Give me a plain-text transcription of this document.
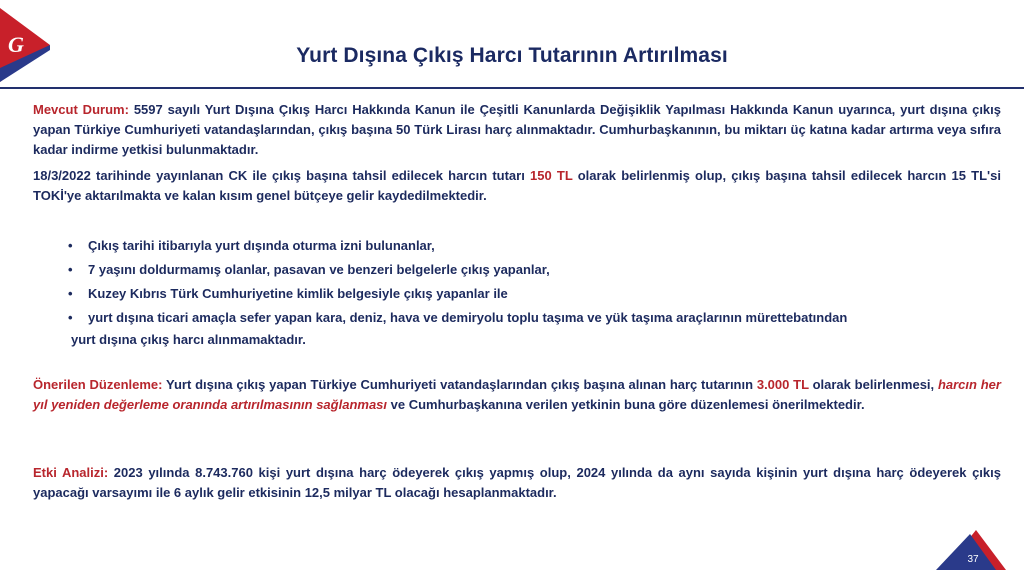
G	Yurt Dışına Çıkış Harcı Tutarının Artırılması
Mevcut Durum: 5597 sayılı Yurt Dışına Çıkış Harcı Hakkında Kanun ile Çeşitli Kanunlarda Değişiklik Yapılması Hakkında Kanun uyarınca, yurt dışına çıkış yapan Türkiye Cumhuriyeti vatandaşlarından, çıkış başına 50 Türk Lirası harç alınmaktadır. Cumhurbaşkanının, bu miktarı üç katına kadar artırma veya sıfıra kadar indirme yetkisi bulunmaktadır.
18/3/2022 tarihinde yayınlanan CK ile çıkış başına tahsil edilecek harcın tutarı 150 TL olarak belirlenmiş olup, çıkış başına tahsil edilecek harcın 15 TL'si TOKİ'ye aktarılmakta ve kalan kısım genel bütçeye gelir kaydedilmektedir.
• Çıkış tarihi itibarıyla yurt dışında oturma izni bulunanlar,
• 7 yaşını doldurmamış olanlar, pasavan ve benzeri belgelerle çıkış yapanlar,
• Kuzey Kıbrıs Türk Cumhuriyetine kimlik belgesiyle çıkış yapanlar ile
• yurt dışına ticari amaçla sefer yapan kara, deniz, hava ve demiryolu toplu taşıma ve yük taşıma araçlarının mürettebatından
yurt dışına çıkış harcı alınmamaktadır.
Önerilen Düzenleme: Yurt dışına çıkış yapan Türkiye Cumhuriyeti vatandaşlarından çıkış başına alınan harç tutarının 3.000 TL olarak belirlenmesi, harcın her yıl yeniden değerleme oranında artırılmasının sağlanması ve Cumhurbaşkanına verilen yetkinin buna göre düzenlemesi önerilmektedir.
Etki Analizi: 2023 yılında 8.743.760 kişi yurt dışına harç ödeyerek çıkış yapmış olup, 2024 yılında da aynı sayıda kişinin yurt dışına harç ödeyerek çıkış yapacağı varsayımı ile 6 aylık gelir etkisinin 12,5 milyar TL olacağı hesaplanmaktadır.
37
